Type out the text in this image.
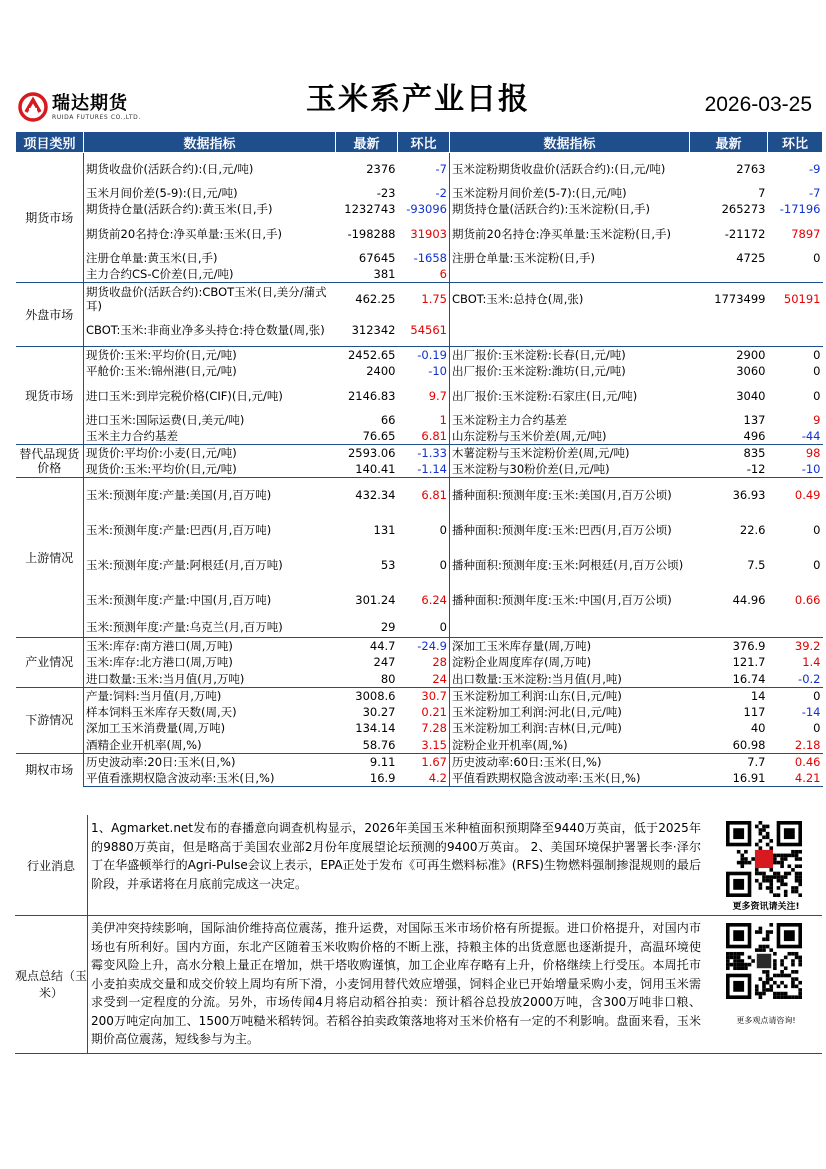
瑞达期货
RUIDA FUTURES CO.,LTD.	玉米系产业日报	2026-03-25
项目类别	数据指标	最新	环比	数据指标	最新	环比
期货市场	期货收盘价(活跃合约):(日,元/吨)	2376	-7	玉米淀粉期货收盘价(活跃合约):(日,元/吨)	2763	-9
	玉米月间价差(5-9):(日,元/吨)	-23	-2	玉米淀粉月间价差(5-7):(日,元/吨)	7	-7
	期货持仓量(活跃合约):黄玉米(日,手)	1232743	-93096	期货持仓量(活跃合约):玉米淀粉(日,手)	265273	-17196
	期货前20名持仓:净买单量:玉米(日,手)	-198288	31903	期货前20名持仓:净买单量:玉米淀粉(日,手)	-21172	7897
	注册仓单量:黄玉米(日,手)	67645	-1658	注册仓单量:玉米淀粉(日,手)	4725	0
	主力合约CS-C价差(日,元/吨)	381	6			
外盘市场	期货收盘价(活跃合约):CBOT玉米(日,美分/蒲式耳)	462.25	1.75	CBOT:玉米:总持仓(周,张)	1773499	50191
	CBOT:玉米:非商业净多头持仓:持仓数量(周,张)	312342	54561			
现货市场	现货价:玉米:平均价(日,元/吨)	2452.65	-0.19	出厂报价:玉米淀粉:长春(日,元/吨)	2900	0
	平舱价:玉米:锦州港(日,元/吨)	2400	-10	出厂报价:玉米淀粉:潍坊(日,元/吨)	3060	0
	进口玉米:到岸完税价格(CIF)(日,元/吨)	2146.83	9.7	出厂报价:玉米淀粉:石家庄(日,元/吨)	3040	0
	进口玉米:国际运费(日,美元/吨)	66	1	玉米淀粉主力合约基差	137	9
	玉米主力合约基差	76.65	6.81	山东淀粉与玉米价差(周,元/吨)	496	-44
替代品现货价格	现货价:平均价:小麦(日,元/吨)	2593.06	-1.33	木薯淀粉与玉米淀粉价差(周,元/吨)	835	98
	现货价:玉米:平均价(日,元/吨)	140.41	-1.14	玉米淀粉与30粉价差(日,元/吨)	-12	-10
上游情况	玉米:预测年度:产量:美国(月,百万吨)	432.34	6.81	播种面积:预测年度:玉米:美国(月,百万公顷)	36.93	0.49
	玉米:预测年度:产量:巴西(月,百万吨)	131	0	播种面积:预测年度:玉米:巴西(月,百万公顷)	22.6	0
	玉米:预测年度:产量:阿根廷(月,百万吨)	53	0	播种面积:预测年度:玉米:阿根廷(月,百万公顷)	7.5	0
	玉米:预测年度:产量:中国(月,百万吨)	301.24	6.24	播种面积:预测年度:玉米:中国(月,百万公顷)	44.96	0.66
	玉米:预测年度:产量:乌克兰(月,百万吨)	29	0			
产业情况	玉米:库存:南方港口(周,万吨)	44.7	-24.9	深加工玉米库存量(周,万吨)	376.9	39.2
	玉米:库存:北方港口(周,万吨)	247	28	淀粉企业周度库存(周,万吨)	121.7	1.4
	进口数量:玉米:当月值(月,万吨)	80	24	出口数量:玉米淀粉:当月值(月,吨)	16.74	-0.2
下游情况	产量:饲料:当月值(月,万吨)	3008.6	30.7	玉米淀粉加工利润:山东(日,元/吨)	14	0
	样本饲料玉米库存天数(周,天)	30.27	0.21	玉米淀粉加工利润:河北(日,元/吨)	117	-14
	深加工玉米消费量(周,万吨)	134.14	7.28	玉米淀粉加工利润:吉林(日,元/吨)	40	0
	酒精企业开机率(周,%)	58.76	3.15	淀粉企业开机率(周,%)	60.98	2.18
期权市场	历史波动率:20日:玉米(日,%)	9.11	1.67	历史波动率:60日:玉米(日,%)	7.7	0.46
	平值看涨期权隐含波动率:玉米(日,%)	16.9	4.2	平值看跌期权隐含波动率:玉米(日,%)	16.91	4.21
行业消息
1、Agmarket.net发布的春播意向调查机构显示，2026年美国玉米种植面积预期降至9440万英亩，低于2025年的9880万英亩，但是略高于美国农业部2月份年度展望论坛预测的9400万英亩。 2、美国环境保护署署长李·泽尔丁在华盛顿举行的Agri-Pulse会议上表示，EPA正处于发布《可再生燃料标准》(RFS)生物燃料强制掺混规则的最后阶段，并承诺将在月底前完成这一决定。
更多资讯请关注!
观点总结（玉米）
美伊冲突持续影响，国际油价维持高位震荡，推升运费，对国际玉米市场价格有所提振。进口价格提升，对国内市场也有所利好。国内方面，东北产区随着玉米收购价格的不断上涨，持粮主体的出货意愿也逐渐提升，高温环境使霉变风险上升，高水分粮上量正在增加，烘干塔收购谨慎，加工企业库存略有上升，价格继续上行受压。本周托市小麦拍卖成交量和成交价较上周均有所下滑，小麦饲用替代效应增强，饲料企业已开始增量采购小麦，饲用玉米需求受到一定程度的分流。另外，市场传闻4月将启动稻谷拍卖：预计稻谷总投放2000万吨，含300万吨非口粮、200万吨定向加工、1500万吨糙米稻转饲。若稻谷拍卖政策落地将对玉米价格有一定的不利影响。盘面来看，玉米期价高位震荡，短线参与为主。
更多观点请咨询!
